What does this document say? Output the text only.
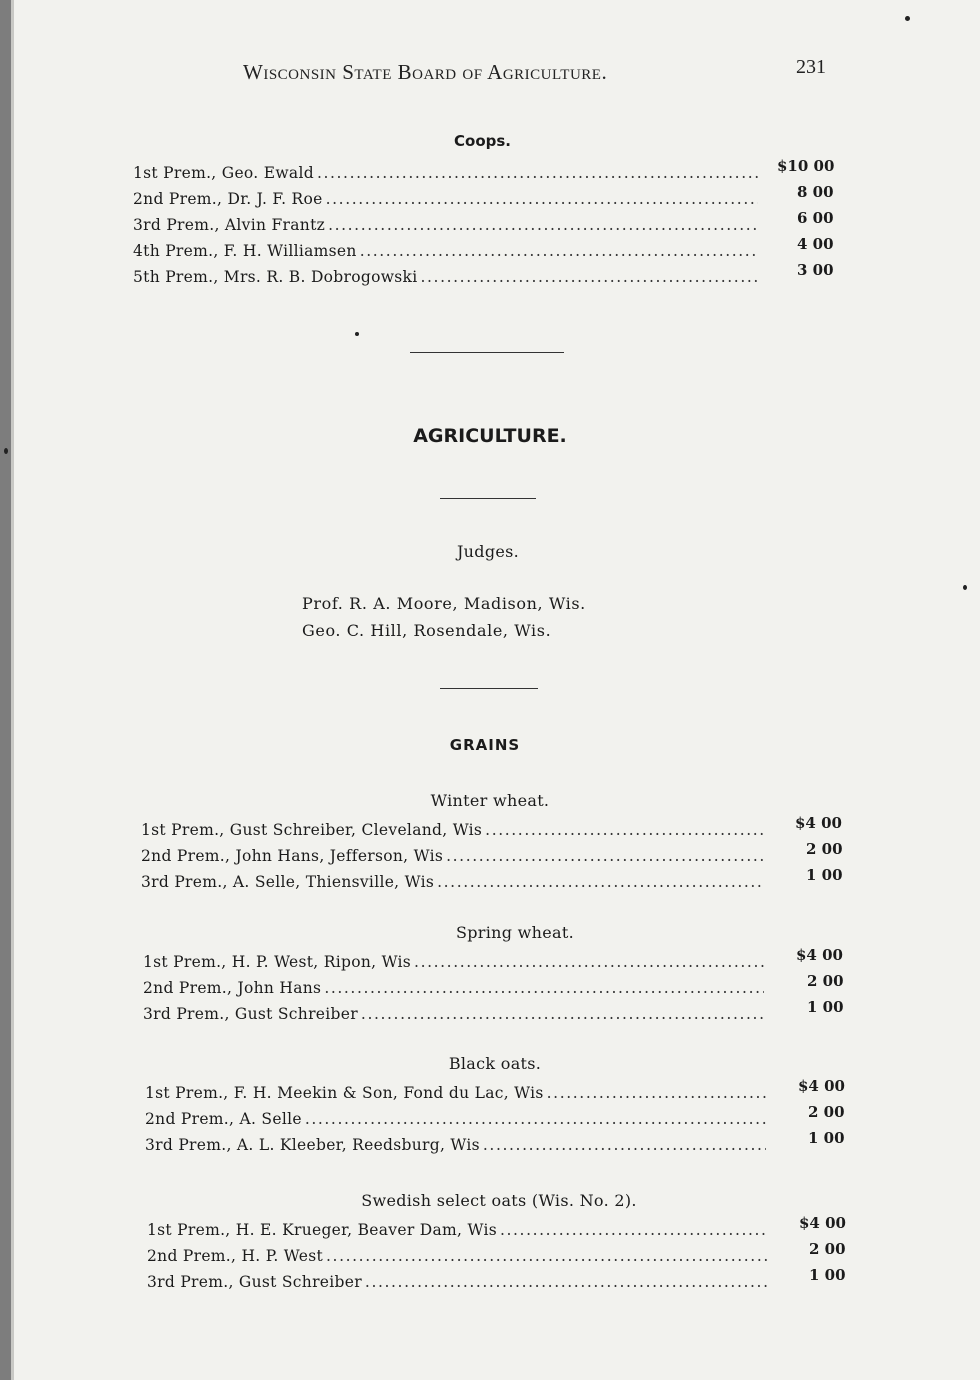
Wisconsin State Board of Agriculture.	231
Coops.
1st Prem., Geo. Ewald .....	$10 00
2nd Prem., Dr. J. F. Roe .....	8 00
3rd Prem., Alvin Frantz .....	6 00
4th Prem., F. H. Williamsen .....	4 00
5th Prem., Mrs. R. B. Dobrogowski .....	3 00
AGRICULTURE.
Judges.
Prof. R. A. Moore, Madison, Wis.
Geo. C. Hill, Rosendale, Wis.
GRAINS
Winter wheat.
1st Prem., Gust Schreiber, Cleveland, Wis .....	$4 00
2nd Prem., John Hans, Jefferson, Wis .....	2 00
3rd Prem., A. Selle, Thiensville, Wis .....	1 00
Spring wheat.
1st Prem., H. P. West, Ripon, Wis .....	$4 00
2nd Prem., John Hans .....	2 00
3rd Prem., Gust Schreiber .....	1 00
Black oats.
1st Prem., F. H. Meekin & Son, Fond du Lac, Wis .....	$4 00
2nd Prem., A. Selle .....	2 00
3rd Prem., A. L. Kleeber, Reedsburg, Wis .....	1 00
Swedish select oats (Wis. No. 2).
1st Prem., H. E. Krueger, Beaver Dam, Wis .....	$4 00
2nd Prem., H. P. West .....	2 00
3rd Prem., Gust Schreiber .....	1 00
